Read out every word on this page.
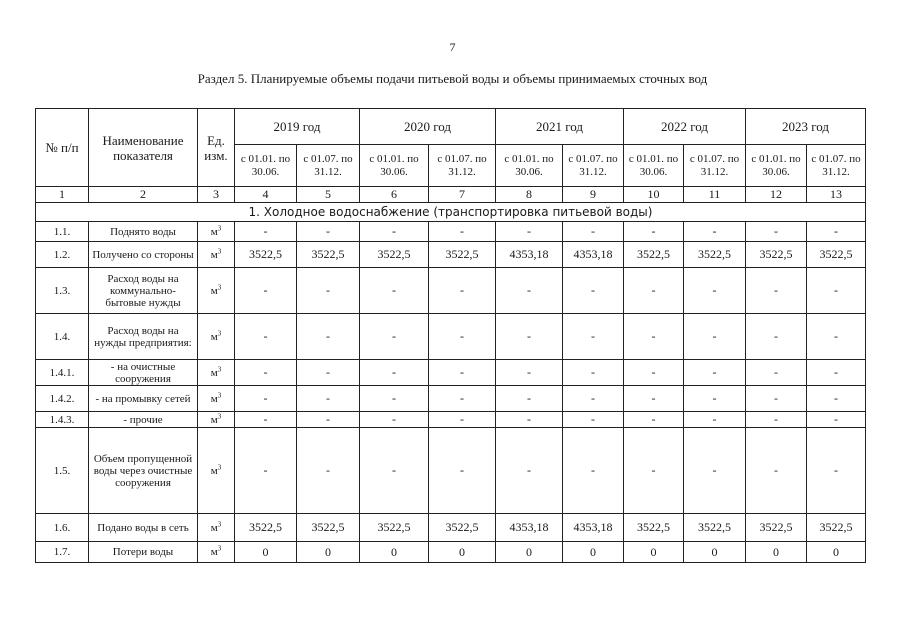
7
Раздел 5. Планируемые объемы подачи питьевой воды и объемы принимаемых сточных вод
№ п/п	Наименование показателя	Ед. изм.	2019 год		2020 год		2021 год		2022 год		2023 год	
			с 01.01. по 30.06.	с 01.07. по 31.12.	с 01.01. по 30.06.	с 01.07. по 31.12.	с 01.01. по 30.06.	с 01.07. по 31.12.	с 01.01. по 30.06.	с 01.07. по 31.12.	с 01.01. по 30.06.	с 01.07. по 31.12.
1	2	3	4	5	6	7	8	9	10	11	12	13
1. Холодное водоснабжение (транспортировка питьевой воды)												
1.1.	Поднято воды	$м^3$	-	-	-	-	-	-	-	-	-	-
1.2.	Получено со стороны	$м^3$	3522,5	3522,5	3522,5	3522,5	4353,18	4353,18	3522,5	3522,5	3522,5	3522,5
1.3.	Расход воды на коммунально-бытовые нужды	$м^3$	-	-	-	-	-	-	-	-	-	-
1.4.	Расход воды на нужды предприятия:	$м^3$	-	-	-	-	-	-	-	-	-	-
1.4.1.	- на очистные сооружения	$м^3$	-	-	-	-	-	-	-	-	-	-
1.4.2.	- на промывку сетей	$м^3$	-	-	-	-	-	-	-	-	-	-
1.4.3.	- прочие	$м^3$	-	-	-	-	-	-	-	-	-	-
1.5.	Объем пропущенной воды через очистные сооружения	$м^3$	-	-	-	-	-	-	-	-	-	-
1.6.	Подано воды в сеть	$м^3$	3522,5	3522,5	3522,5	3522,5	4353,18	4353,18	3522,5	3522,5	3522,5	3522,5
1.7.	Потери воды	$м^3$	0	0	0	0	0	0	0	0	0	0
